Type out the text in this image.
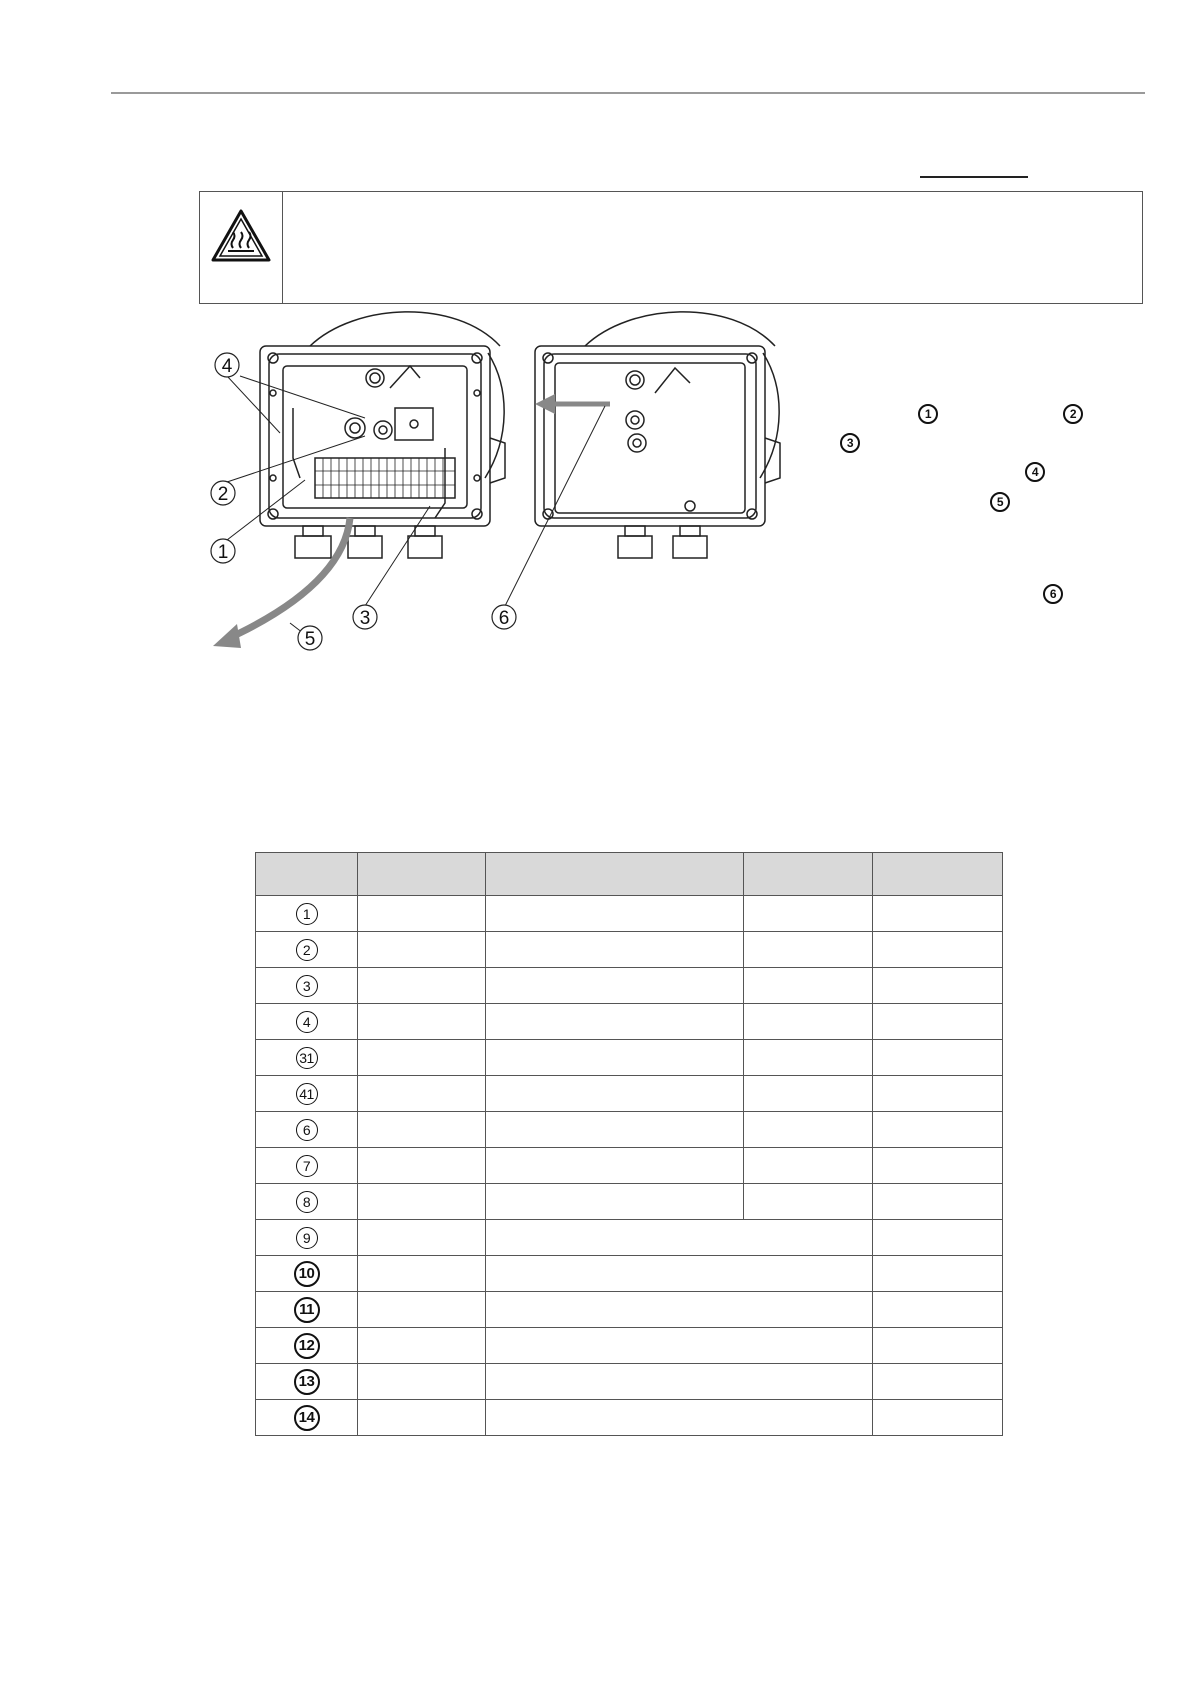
4
2
1
3
5
6
1	2
3
4
5
6

1				
2				
3				
4				
31				
41				
6				
7				
8				
9				
10				
11				
12				
13				
14				
